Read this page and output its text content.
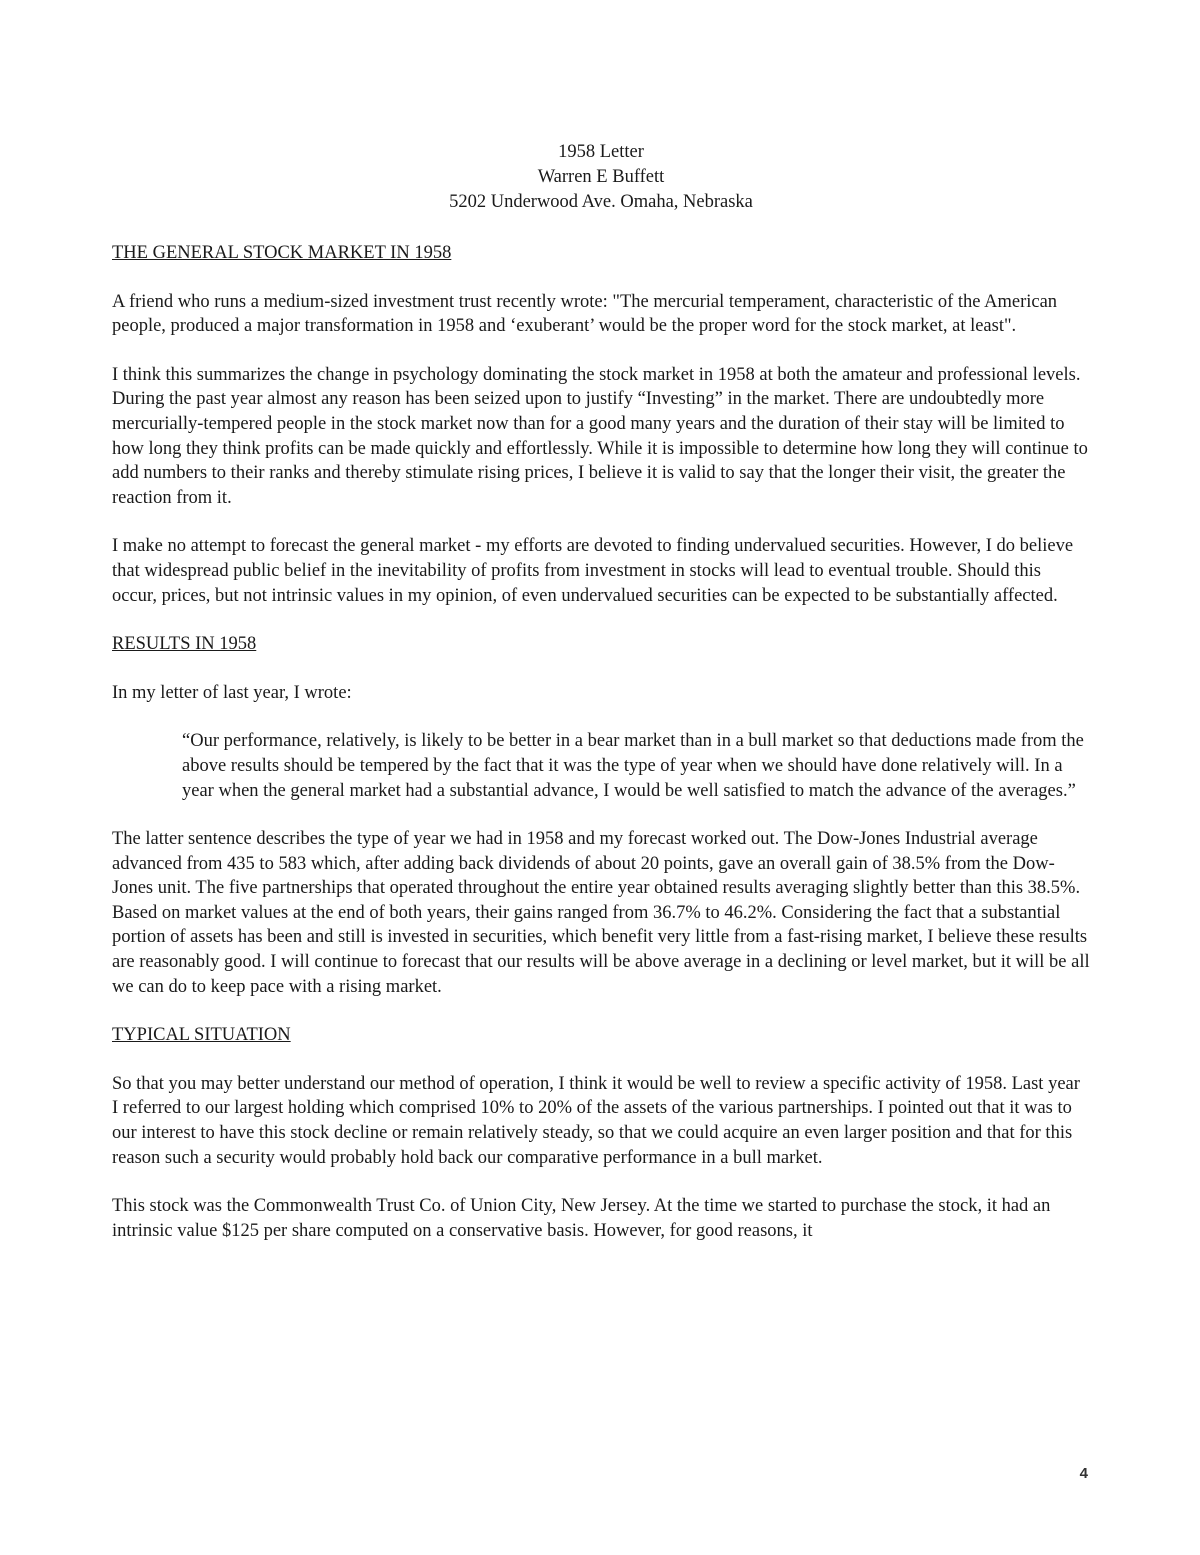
1958 Letter
Warren E Buffett
5202 Underwood Ave. Omaha, Nebraska
THE GENERAL STOCK MARKET IN 1958

A friend who runs a medium-sized investment trust recently wrote: "The mercurial temperament, characteristic of the American people, produced a major transformation in 1958 and ‘exuberant’ would be the proper word for the stock market, at least".

I think this summarizes the change in psychology dominating the stock market in 1958 at both the amateur and professional levels. During the past year almost any reason has been seized upon to justify “Investing” in the market. There are undoubtedly more mercurially-tempered people in the stock market now than for a good many years and the duration of their stay will be limited to how long they think profits can be made quickly and effortlessly. While it is impossible to determine how long they will continue to add numbers to their ranks and thereby stimulate rising prices, I believe it is valid to say that the longer their visit, the greater the reaction from it.

I make no attempt to forecast the general market - my efforts are devoted to finding undervalued securities. However, I do believe that widespread public belief in the inevitability of profits from investment in stocks will lead to eventual trouble. Should this occur, prices, but not intrinsic values in my opinion, of even undervalued securities can be expected to be substantially affected.

RESULTS IN 1958

In my letter of last year, I wrote:

“Our performance, relatively, is likely to be better in a bear market than in a bull market so that deductions made from the above results should be tempered by the fact that it was the type of year when we should have done relatively will. In a year when the general market had a substantial advance, I would be well satisfied to match the advance of the averages.”

The latter sentence describes the type of year we had in 1958 and my forecast worked out. The Dow-Jones Industrial average advanced from 435 to 583 which, after adding back dividends of about 20 points, gave an overall gain of 38.5% from the Dow-Jones unit. The five partnerships that operated throughout the entire year obtained results averaging slightly better than this 38.5%. Based on market values at the end of both years, their gains ranged from 36.7% to 46.2%. Considering the fact that a substantial portion of assets has been and still is invested in securities, which benefit very little from a fast-rising market, I believe these results are reasonably good. I will continue to forecast that our results will be above average in a declining or level market, but it will be all we can do to keep pace with a rising market.

TYPICAL SITUATION

So that you may better understand our method of operation, I think it would be well to review a specific activity of 1958. Last year I referred to our largest holding which comprised 10% to 20% of the assets of the various partnerships. I pointed out that it was to our interest to have this stock decline or remain relatively steady, so that we could acquire an even larger position and that for this reason such a security would probably hold back our comparative performance in a bull market.

This stock was the Commonwealth Trust Co. of Union City, New Jersey. At the time we started to purchase the stock, it had an intrinsic value $125 per share computed on a conservative basis. However, for good reasons, it

4
